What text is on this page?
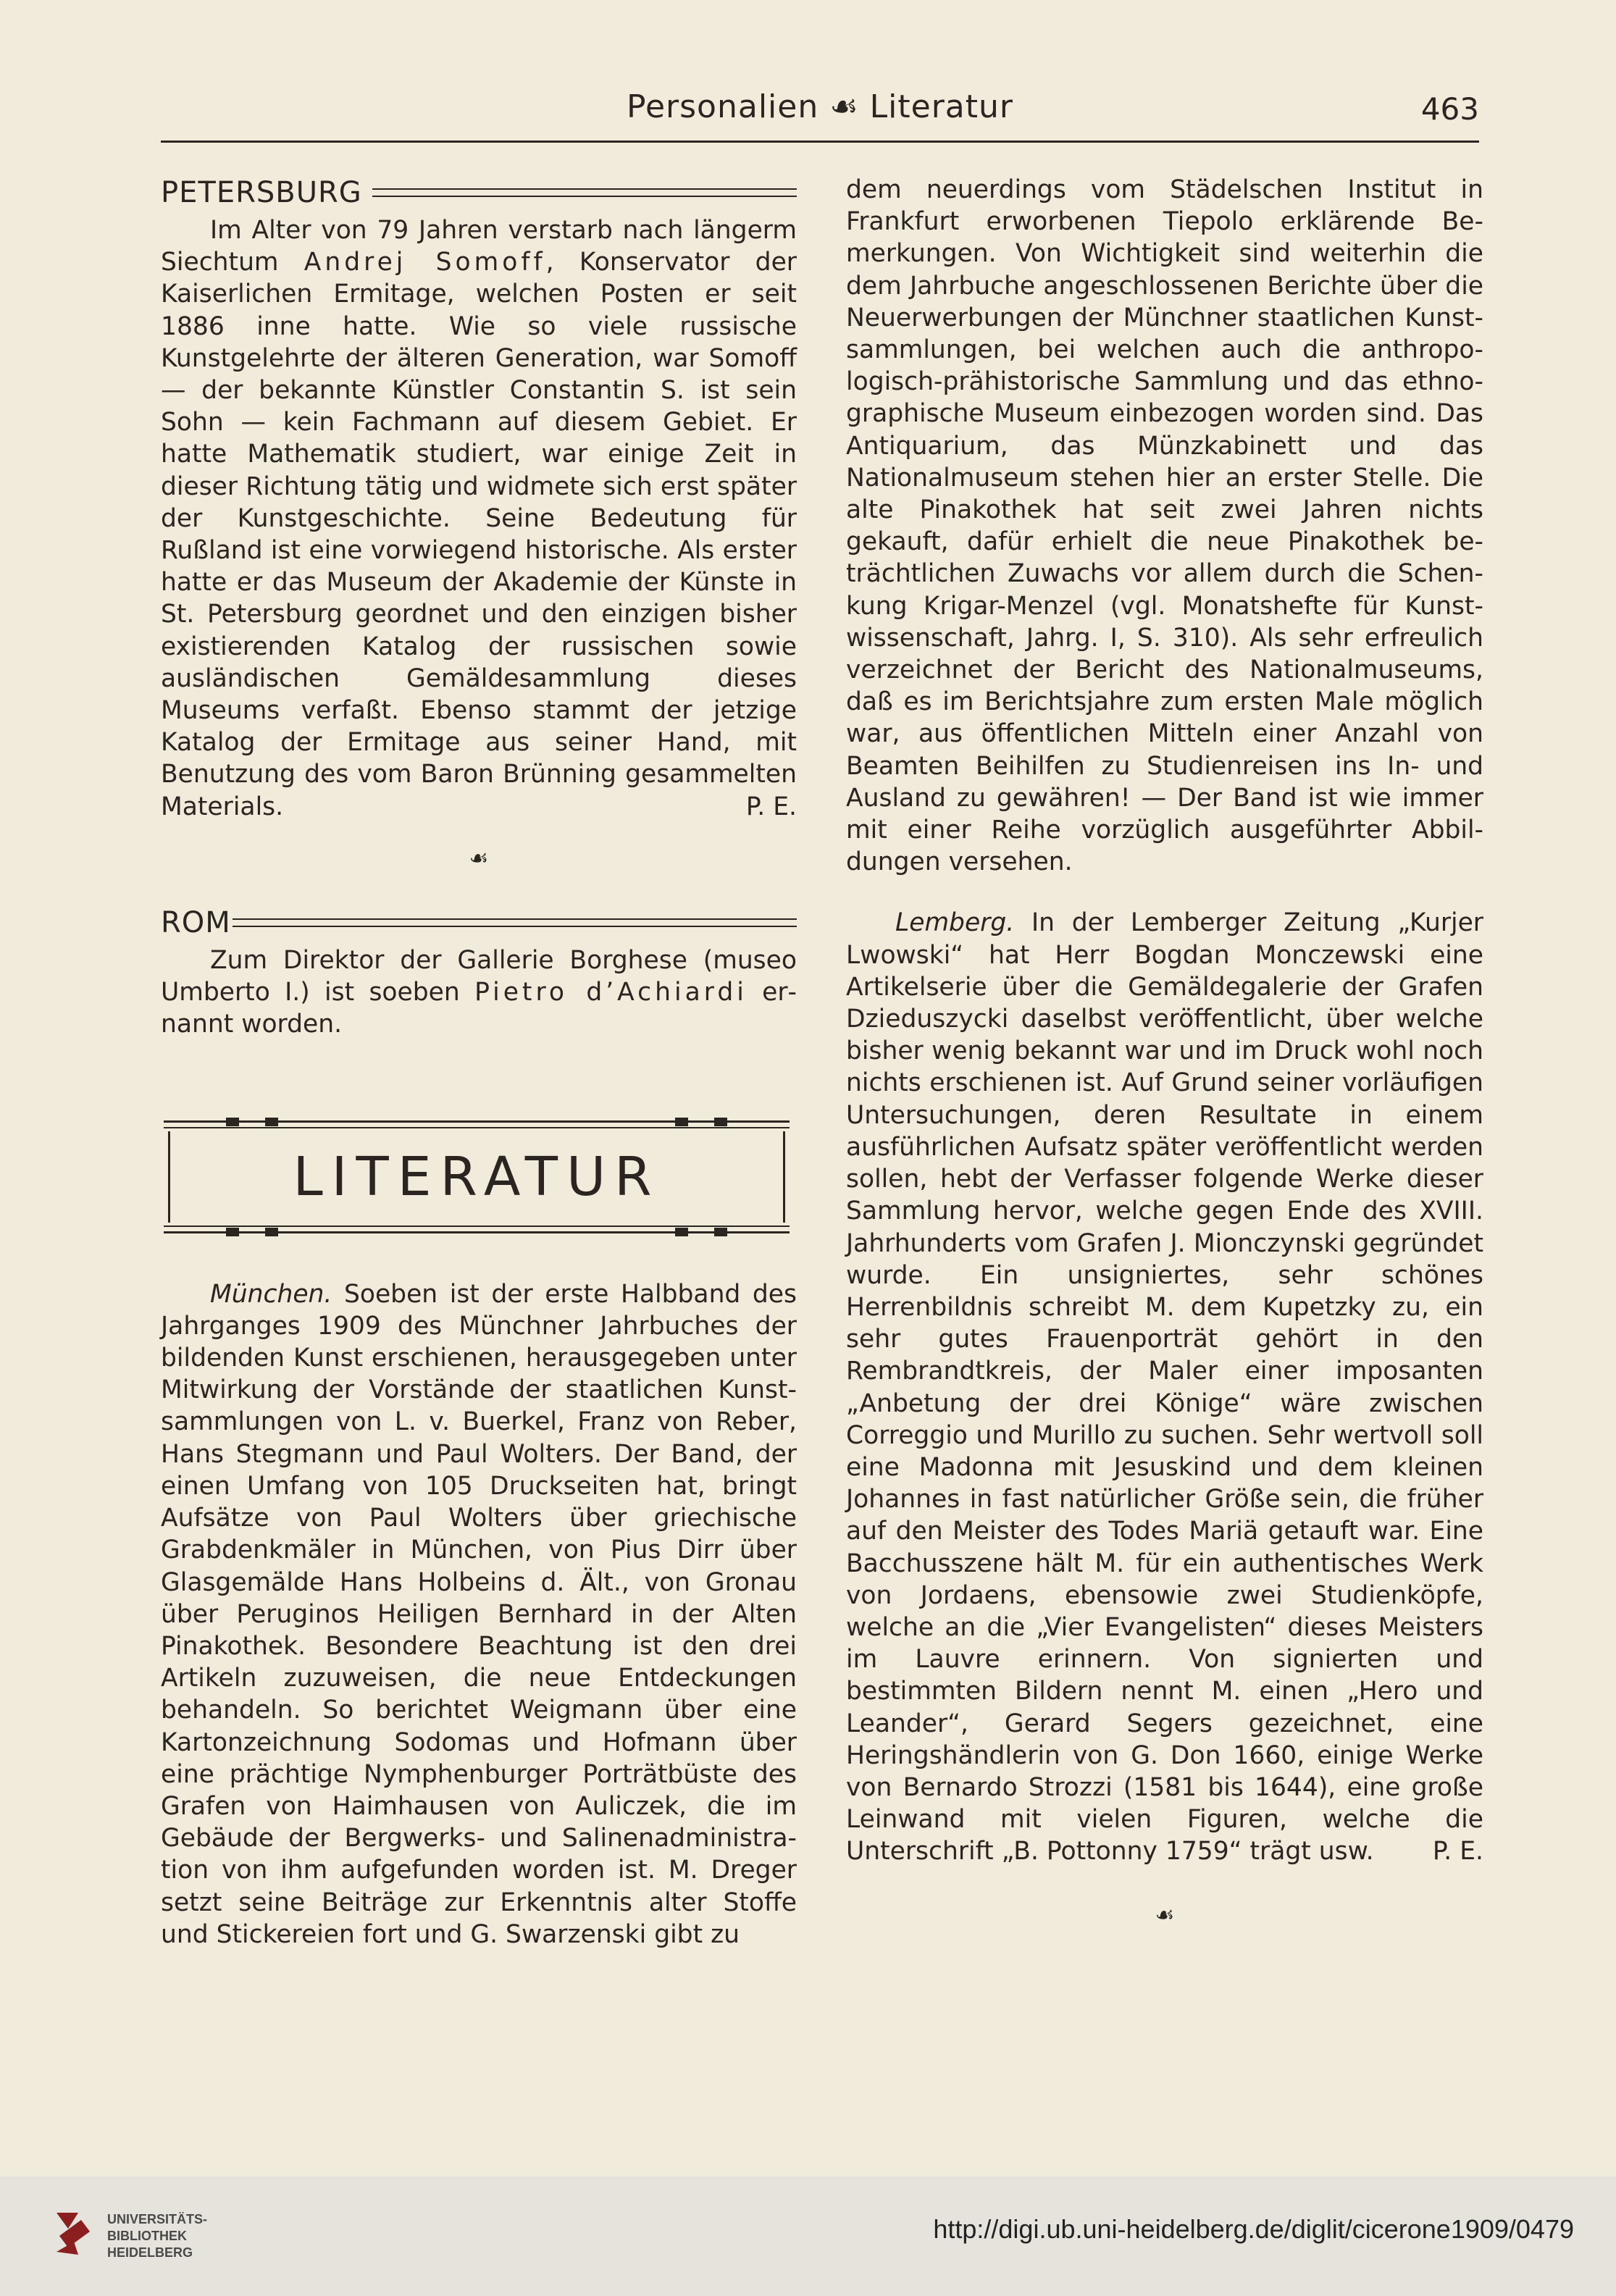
Personalien ☙ Literatur	463
PETERSBURG

Im Alter von 79 Jahren verstarb nach längerm Siechtum Andrej Somoff, Konservator der Kaiserlichen Ermitage, welchen Posten er seit 1886 inne hatte. Wie so viele russische Kunstgelehrte der älteren Generation, war Somoff — der bekannte Künstler Constantin S. ist sein Sohn — kein Fachmann auf diesem Gebiet. Er hatte Mathematik studiert, war einige Zeit in dieser Richtung tätig und widmete sich erst später der Kunstgeschichte. Seine Bedeutung für Rußland ist eine vorwiegend historische. Als erster hatte er das Museum der Akademie der Künste in St. Petersburg geordnet und den einzigen bisher existierenden Katalog der russischen sowie ausländischen Gemäldesammlung dieses Museums verfaßt. Ebenso stammt der jetzige Katalog der Ermitage aus seiner Hand, mit Benutzung des vom Baron Brünning gesammelten Materials.	P. E.

☙
ROM

Zum Direktor der Gallerie Borghese (museo Umberto I.) ist soeben Pietro d’Achiardi ernannt worden.

LITERATUR

München. Soeben ist der erste Halbband des Jahrganges 1909 des Münchner Jahrbuches der bildenden Kunst erschienen, herausgegeben unter Mitwirkung der Vorstände der staatlichen Kunstsammlungen von L. v. Buerkel, Franz von Reber, Hans Stegmann und Paul Wolters. Der Band, der einen Umfang von 105 Druckseiten hat, bringt Aufsätze von Paul Wolters über griechische Grabdenkmäler in München, von Pius Dirr über Glasgemälde Hans Holbeins d. Ält., von Gronau über Peruginos Heiligen Bernhard in der Alten Pinakothek. Besondere Beachtung ist den drei Artikeln zuzuweisen, die neue Entdeckungen behandeln. So berichtet Weigmann über eine Kartonzeichnung Sodomas und Hofmann über eine prächtige Nymphenburger Porträtbüste des Grafen von Haimhausen von Auliczek, die im Gebäude der Bergwerks- und Salinenadministration von ihm aufgefunden worden ist. M. Dreger setzt seine Beiträge zur Erkenntnis alter Stoffe und Stickereien fort und G. Swarzenski gibt zu

dem neuerdings vom Städelschen Institut in Frankfurt erworbenen Tiepolo erklärende Bemerkungen. Von Wichtigkeit sind weiterhin die dem Jahrbuche angeschlossenen Berichte über die Neuerwerbungen der Münchner staatlichen Kunstsammlungen, bei welchen auch die anthropologisch-prähistorische Sammlung und das ethnographische Museum einbezogen worden sind. Das Antiquarium, das Münzkabinett und das Nationalmuseum stehen hier an erster Stelle. Die alte Pinakothek hat seit zwei Jahren nichts gekauft, dafür erhielt die neue Pinakothek beträchtlichen Zuwachs vor allem durch die Schenkung Krigar-Menzel (vgl. Monatshefte für Kunstwissenschaft, Jahrg. I, S. 310). Als sehr erfreulich verzeichnet der Bericht des Nationalmuseums, daß es im Berichtsjahre zum ersten Male möglich war, aus öffentlichen Mitteln einer Anzahl von Beamten Beihilfen zu Studienreisen ins In- und Ausland zu gewähren! — Der Band ist wie immer mit einer Reihe vorzüglich ausgeführter Abbildungen versehen.

Lemberg. In der Lemberger Zeitung „Kurjer Lwowski“ hat Herr Bogdan Monczewski eine Artikelserie über die Gemäldegalerie der Grafen Dzieduszycki daselbst veröffentlicht, über welche bisher wenig bekannt war und im Druck wohl noch nichts erschienen ist. Auf Grund seiner vorläufigen Untersuchungen, deren Resultate in einem ausführlichen Aufsatz später veröffentlicht werden sollen, hebt der Verfasser folgende Werke dieser Sammlung hervor, welche gegen Ende des XVIII. Jahrhunderts vom Grafen J. Mionczynski gegründet wurde. Ein unsigniertes, sehr schönes Herrenbildnis schreibt M. dem Kupetzky zu, ein sehr gutes Frauenporträt gehört in den Rembrandtkreis, der Maler einer imposanten „Anbetung der drei Könige“ wäre zwischen Correggio und Murillo zu suchen. Sehr wertvoll soll eine Madonna mit Jesuskind und dem kleinen Johannes in fast natürlicher Größe sein, die früher auf den Meister des Todes Mariä getauft war. Eine Bacchusszene hält M. für ein authentisches Werk von Jordaens, ebensowie zwei Studienköpfe, welche an die „Vier Evangelisten“ dieses Meisters im Lauvre erinnern. Von signierten und bestimmten Bildern nennt M. einen „Hero und Leander“, Gerard Segers gezeichnet, eine Heringshändlerin von G. Don 1660, einige Werke von Bernardo Strozzi (1581 bis 1644), eine große Leinwand mit vielen Figuren, welche die Unterschrift „B. Pottonny 1759“ trägt usw.	P. E.

☙
UNIVERSITÄTS-
BIBLIOTHEK
HEIDELBERG
http://digi.ub.uni-heidelberg.de/diglit/cicerone1909/0479
